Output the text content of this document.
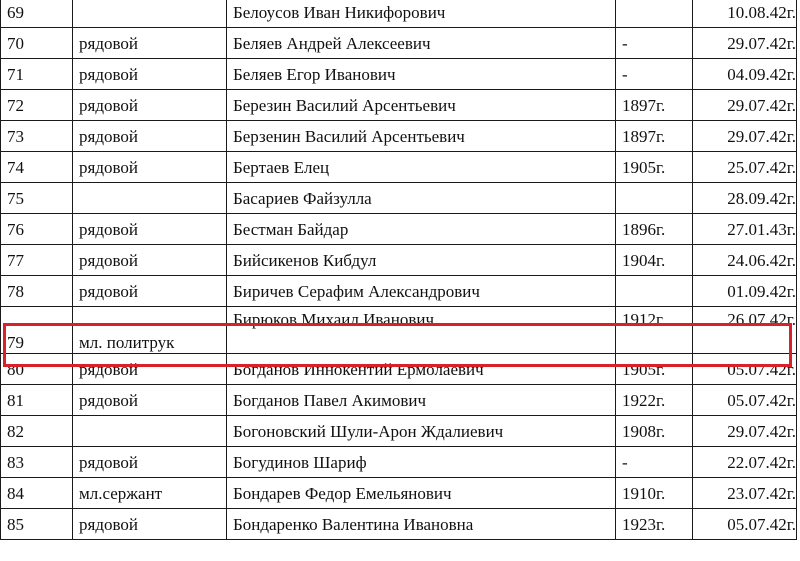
69		Белоусов Иван Никифорович		10.08.42г.
70	рядовой	Беляев Андрей Алексеевич	-	29.07.42г.
71	рядовой	Беляев Егор Иванович	-	04.09.42г.
72	рядовой	Березин Василий Арсентьевич	1897г.	29.07.42г.
73	рядовой	Берзенин Василий Арсентьевич	1897г.	29.07.42г.
74	рядовой	Бертаев Елец	1905г.	25.07.42г.
75		Басариев Файзулла		28.09.42г.
76	рядовой	Бестман Байдар	1896г.	27.01.43г.
77	рядовой	Бийсикенов Кибдул	1904г.	24.06.42г.
78	рядовой	Биричев Серафим Александрович		01.09.42г.
79	мл. политрук	Бирюков Михаил Иванович	1912г.	26.07.42г.
80	рядовой	Богданов Иннокентий Ермолаевич	1905г.	05.07.42г.
81	рядовой	Богданов Павел Акимович	1922г.	05.07.42г.
82		Богоновский Шули-Арон Ждалиевич	1908г.	29.07.42г.
83	рядовой	Богудинов Шариф	-	22.07.42г.
84	мл.сержант	Бондарев Федор Емельянович	1910г.	23.07.42г.
85	рядовой	Бондаренко Валентина Ивановна	1923г.	05.07.42г.
